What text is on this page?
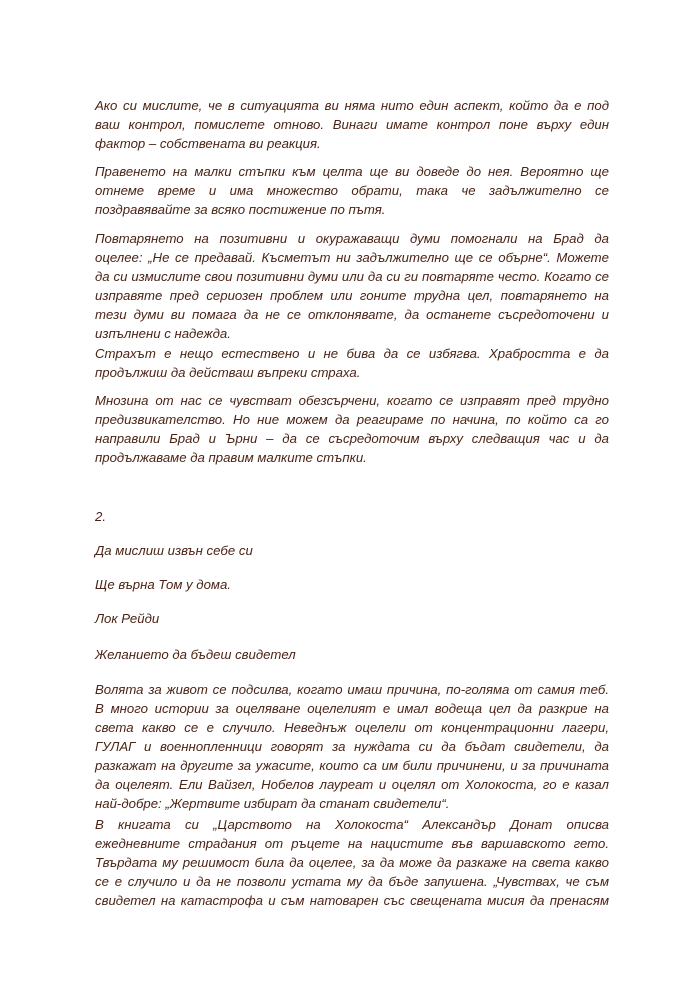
Ако си мислите, че в ситуацията ви няма нито един аспект, който да е под
ваш контрол, помислете отново. Винаги имате контрол поне върху един
фактор – собствената ви реакция.
Правенето на малки стъпки към целта ще ви доведе до нея. Вероятно ще
отнеме време и има множество обрати, така че задължително се
поздравявайте за всяко постижение по пътя.
Повтарянето на позитивни и окуражаващи думи помогнали на Брад да
оцелее: „Не се предавай. Късметът ни задължително ще се обърне“. Можете
да си измислите свои позитивни думи или да си ги повтаряте често. Когато се
изправяте пред сериозен проблем или гоните трудна цел, повтарянето на
тези думи ви помага да не се отклонявате, да останете съсредоточени и
изпълнени с надежда.
Страхът е нещо естествено и не бива да се избягва. Храбростта е да
продължиш да действаш въпреки страха.
Мнозина от нас се чувстват обезсърчени, когато се изправят пред трудно
предизвикателство. Но ние можем да реагираме по начина, по който са го
направили Брад и Ърни – да се съсредоточим върху следващия час и да
продължаваме да правим малките стъпки.
2.
Да мислиш извън себе си
Ще върна Том у дома.
Лок Рейди
Желанието да бъдеш свидетел
Волята за живот се подсилва, когато имаш причина, по-голяма от самия теб.
В много истории за оцеляване оцелелият е имал водеща цел да разкрие на
света какво се е случило. Неведнъж оцелели от концентрационни лагери,
ГУЛАГ и военнопленници говорят за нуждата си да бъдат свидетели, да
разкажат на другите за ужасите, които са им били причинени, и за причината
да оцелеят. Ели Вайзел, Нобелов лауреат и оцелял от Холокоста, го е казал
най-добре: „Жертвите избират да станат свидетели“.
В книгата си „Царството на Холокоста“ Александър Донат описва
ежедневните страдания от ръцете на нацистите във варшавското гето.
Твърдата му решимост била да оцелее, за да може да разкаже на света какво
се е случило и да не позволи устата му да бъде запушена. „Чувствах, че съм
свидетел на катастрофа и съм натоварен със свещената мисия да пренасям
